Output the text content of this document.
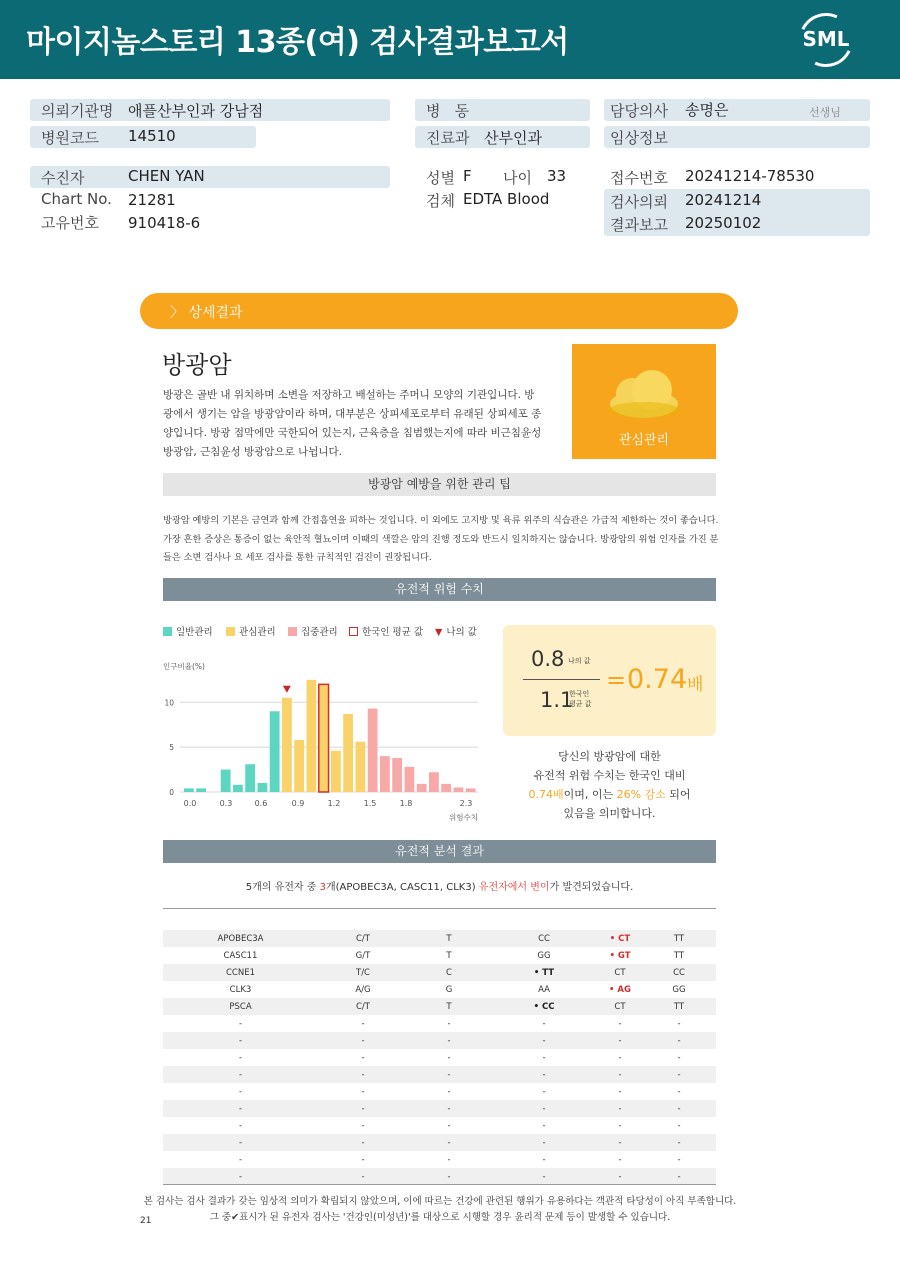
마이지놈스토리 13종(여) 검사결과보고서	SML
의뢰기관명 애플산부인과 강남점
병원코드 14510
수진자	CHEN YAN
Chart No. 21281
고유번호 910418-6
병   동
진료과 산부인과
성별 F 나이 33
검체 EDTA Blood
담당의사 송명은	선생님
임상정보
접수번호 20241214-78530
검사의뢰 20241214
결과보고 20250102
〉 상세결과
방광암
방광은 골반 내 위치하며 소변을 저장하고 배설하는 주머니 모양의 기관입니다. 방광에서 생기는 암을 방광암이라 하며, 대부분은 상피세포로부터 유래된 상피세포 종양입니다. 방광 점막에만 국한되어 있는지, 근육층을 침범했는지에 따라 비근침윤성 방광암, 근침윤성 방광암으로 나뉩니다.
관심관리
방광암 예방을 위한 관리 팁
방광암 예방의 기본은 금연과 함께 간접흡연을 피하는 것입니다. 이 외에도 고지방 및 육류 위주의 식습관은 가급적 제한하는 것이 좋습니다. 가장 흔한 증상은 통증이 없는 육안적 혈뇨이며 이때의 색깔은 암의 진행 정도와 반드시 일치하지는 않습니다. 방광암의 위험 인자를 가진 분들은 소변 검사나 요 세포 검사를 통한 규칙적인 검진이 권장됩니다.
유전적 위험 수치
일반관리	관심관리	집중관리	한국인 평균 값 ▼ 나의 값
인구비율(%)
0
5
10
0.0	0.3	0.6	0.9	1.2	1.5	1.8	2.3
위험수치
0.8 나의 값
1.1
한국인
평균 값
= 0.74 배
당신의 방광암에 대한
유전적 위험 수치는 한국인 대비
0.74배이며, 이는 26% 감소 되어
있음을 의미합니다.
유전적 분석 결과
5개의 유전자 중 3개(APOBEC3A, CASC11, CLK3) 유전자에서 변이가 발견되었습니다.
APOBEC3A	C/T	T	CC	• CT	TT
CASC11	G/T	T	GG	• GT	TT
CCNE1	T/C	C	• TT	CT	CC
CLK3	A/G	G	AA	• AG	GG
PSCA	C/T	T	• CC	CT	TT
-	-	-	-	-	-
-	-	-	-	-	-
-	-	-	-	-	-
-	-	-	-	-	-
-	-	-	-	-	-
-	-	-	-	-	-
-	-	-	-	-	-
-	-	-	-	-	-
-	-	-	-	-	-
-	-	-	-	-	-
본 검사는 검사 결과가 갖는 임상적 의미가 확립되지 않았으며, 이에 따르는 건강에 관련된 행위가 유용하다는 객관적 타당성이 아직 부족합니다.
그 중✔표시가 된 유전자 검사는 '건강인(미성년)'를 대상으로 시행할 경우 윤리적 문제 등이 발생할 수 있습니다.
21
